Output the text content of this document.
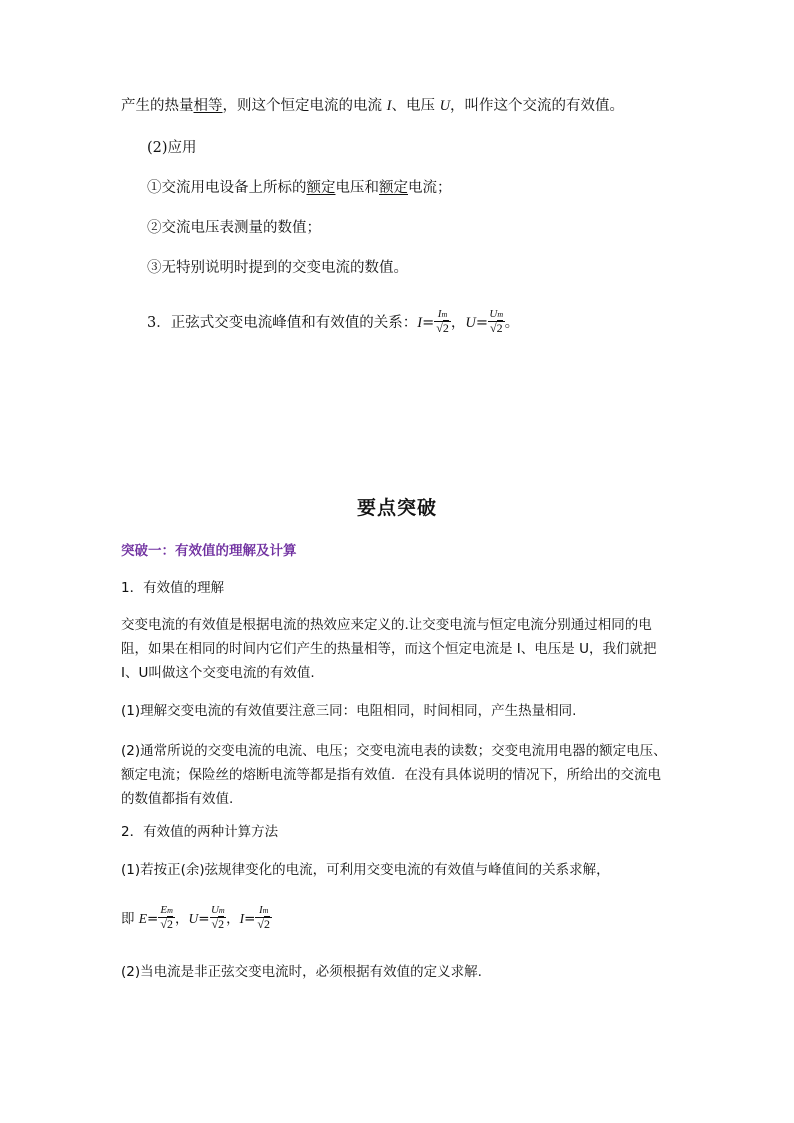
产生的热量相等，则这个恒定电流的电流 I、电压 U，叫作这个交流的有效值。
(2)应用
①交流用电设备上所标的额定电压和额定电流；
②交流电压表测量的数值；
③无特别说明时提到的交变电流的数值。
3．正弦式交变电流峰值和有效值的关系：$I= \frac{Im}{√2}$ ，$U= \frac{Um}{√2}$ 。
要点突破
突破一：有效值的理解及计算
1．有效值的理解
交变电流的有效值是根据电流的热效应来定义的.让交变电流与恒定电流分别通过相同的电
阻，如果在相同的时间内它们产生的热量相等，而这个恒定电流是 I、电压是 U，我们就把
I、U叫做这个交变电流的有效值.
(1)理解交变电流的有效值要注意三同：电阻相同，时间相同，产生热量相同.
(2)通常所说的交变电流的电流、电压；交变电流电表的读数；交变电流用电器的额定电压、
额定电流；保险丝的熔断电流等都是指有效值．在没有具体说明的情况下，所给出的交流电
的数值都指有效值.
2．有效值的两种计算方法
(1)若按正(余)弦规律变化的电流，可利用交变电流的有效值与峰值间的关系求解，
即 $E= \frac{Em}{√2}$ ，$U= \frac{Um}{√2}$ ，$I= \frac{Im}{√2}$
(2)当电流是非正弦交变电流时，必须根据有效值的定义求解.
